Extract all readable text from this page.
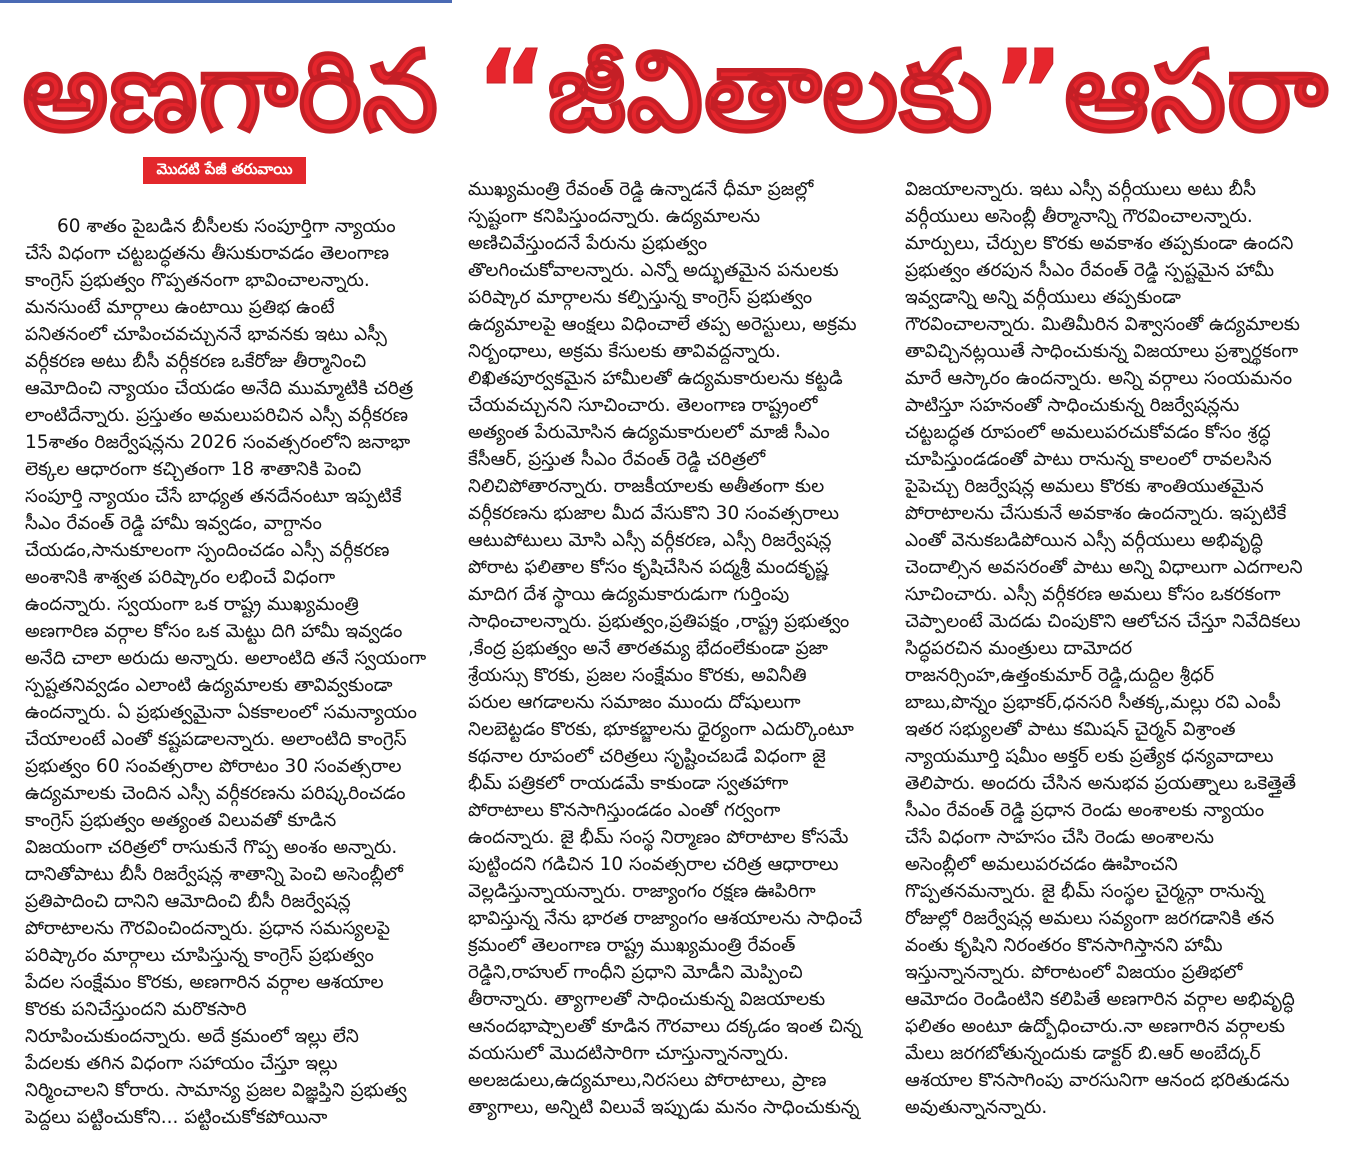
అణగారిన “జీవితాలకు”ఆసరా
మొదటి పేజీ తరువాయి
60 శాతం పైబడిన బీసీలకు సంపూర్తిగా న్యాయం
చేసే విధంగా చట్టబద్ధతను తీసుకురావడం తెలంగాణ
కాంగ్రెస్ ప్రభుత్వం గొప్పతనంగా భావించాలన్నారు.
మనసుంటే మార్గాలు ఉంటాయి ప్రతిభ ఉంటే
పనితనంలో చూపించవచ్చుననే భావనకు ఇటు ఎస్సీ
వర్గీకరణ అటు బీసీ వర్గీకరణ ఒకేరోజు తీర్మానించి
ఆమోదించి న్యాయం చేయడం అనేది ముమ్మాటికి చరిత్ర
లాంటిదేన్నారు. ప్రస్తుతం అమలుపరిచిన ఎస్సీ వర్గీకరణ
15శాతం రిజర్వేషన్లను 2026 సంవత్సరంలోని జనాభా
లెక్కల ఆధారంగా కచ్చితంగా 18 శాతానికి పెంచి
సంపూర్తి న్యాయం చేసే బాధ్యత తనదేనంటూ ఇప్పటికే
సీఎం రేవంత్ రెడ్డి హామీ ఇవ్వడం, వాగ్దానం
చేయడం,సానుకూలంగా స్పందించడం ఎస్సీ వర్గీకరణ
అంశానికి శాశ్వత పరిష్కారం లభించే విధంగా
ఉందన్నారు. స్వయంగా ఒక రాష్ట్ర ముఖ్యమంత్రి
అణగారిణ వర్గాల కోసం ఒక మెట్టు దిగి హామీ ఇవ్వడం
అనేది చాలా అరుదు అన్నారు. అలాంటిది తనే స్వయంగా
స్పష్టతనివ్వడం ఎలాంటి ఉద్యమాలకు తావివ్వకుండా
ఉందన్నారు. ఏ ప్రభుత్వమైనా ఏకకాలంలో సమన్యాయం
చేయాలంటే ఎంతో కష్టపడాలన్నారు. అలాంటిది కాంగ్రెస్
ప్రభుత్వం 60 సంవత్సరాల పోరాటం 30 సంవత్సరాల
ఉద్యమాలకు చెందిన ఎస్సీ వర్గీకరణను పరిష్కరించడం
కాంగ్రెస్ ప్రభుత్వం అత్యంత విలువతో కూడిన
విజయంగా చరిత్రలో రాసుకునే గొప్ప అంశం అన్నారు.
దానితోపాటు బీసీ రిజర్వేషన్ల శాతాన్ని పెంచి అసెంబ్లీలో
ప్రతిపాదించి దానిని ఆమోదించి బీసీ రిజర్వేషన్ల
పోరాటాలను గౌరవించిందన్నారు. ప్రధాన సమస్యలపై
పరిష్కారం మార్గాలు చూపిస్తున్న కాంగ్రెస్ ప్రభుత్వం
పేదల సంక్షేమం కొరకు, అణగారిన వర్గాల ఆశయాల
కొరకు పనిచేస్తుందని మరొకసారి
నిరూపించుకుందన్నారు. అదే క్రమంలో ఇల్లు లేని
పేదలకు తగిన విధంగా సహాయం చేస్తూ ఇల్లు
నిర్మించాలని కోరారు. సామాన్య ప్రజల విజ్ఞప్తిని ప్రభుత్వ
పెద్దలు పట్టించుకోని... పట్టించుకోకపోయినా
ముఖ్యమంత్రి రేవంత్ రెడ్డి ఉన్నాడనే ధీమా ప్రజల్లో
స్పష్టంగా కనిపిస్తుందన్నారు. ఉద్యమాలను
అణిచివేస్తుందనే పేరును ప్రభుత్వం
తొలగించుకోవాలన్నారు. ఎన్నో అద్భుతమైన పనులకు
పరిష్కార మార్గాలను కల్పిస్తున్న కాంగ్రెస్ ప్రభుత్వం
ఉద్యమాలపై ఆంక్షలు విధించాలే తప్ప అరెస్టులు, అక్రమ
నిర్బంధాలు, అక్రమ కేసులకు తావివద్దన్నారు.
లిఖితపూర్వకమైన హామీలతో ఉద్యమకారులను కట్టడి
చేయవచ్చునని సూచించారు. తెలంగాణ రాష్ట్రంలో
అత్యంత పేరుమోసిన ఉద్యమకారులలో మాజీ సీఎం
కేసీఆర్, ప్రస్తుత సీఎం రేవంత్ రెడ్డి చరిత్రలో
నిలిచిపోతారన్నారు. రాజకీయాలకు అతీతంగా కుల
వర్గీకరణను భుజాల మీద వేసుకొని 30 సంవత్సరాలు
ఆటుపోటులు మోసి ఎస్సీ వర్గీకరణ, ఎస్సీ రిజర్వేషన్ల
పోరాట ఫలితాల కోసం కృషిచేసిన పద్మశ్రీ మందకృష్ణ
మాదిగ దేశ స్థాయి ఉద్యమకారుడుగా గుర్తింపు
సాధించాలన్నారు. ప్రభుత్వం,ప్రతిపక్షం ,రాష్ట్ర ప్రభుత్వం
,కేంద్ర ప్రభుత్వం అనే తారతమ్య భేదంలేకుండా ప్రజా
శ్రేయస్సు కొరకు, ప్రజల సంక్షేమం కొరకు, అవినీతి
పరుల ఆగడాలను సమాజం ముందు దోషులుగా
నిలబెట్టడం కొరకు, భూకబ్జాలను ధైర్యంగా ఎదుర్కొంటూ
కథనాల రూపంలో చరిత్రలు సృష్టించబడే విధంగా జై
భీమ్ పత్రికలో రాయడమే కాకుండా స్వతహాగా
పోరాటాలు కొనసాగిస్తుండడం ఎంతో గర్వంగా
ఉందన్నారు. జై భీమ్ సంస్థ నిర్మాణం పోరాటాల కోసమే
పుట్టిందని గడిచిన 10 సంవత్సరాల చరిత్ర ఆధారాలు
వెల్లడిస్తున్నాయన్నారు. రాజ్యాంగం రక్షణ ఊపిరిగా
భావిస్తున్న నేను భారత రాజ్యాంగం ఆశయాలను సాధించే
క్రమంలో తెలంగాణ రాష్ట్ర ముఖ్యమంత్రి రేవంత్
రెడ్డిని,రాహుల్ గాంధీని ప్రధాని మోడీని మెప్పించి
తీరాన్నారు. త్యాగాలతో సాధించుకున్న విజయాలకు
ఆనందభాష్పాలతో కూడిన గౌరవాలు దక్కడం ఇంత చిన్న
వయసులో మొదటిసారిగా చూస్తున్నానన్నారు.
అలజడులు,ఉద్యమాలు,నిరసలు పోరాటాలు, ప్రాణ
త్యాగాలు, అన్నిటి విలువే ఇప్పుడు మనం సాధించుకున్న
విజయాలన్నారు. ఇటు ఎస్సీ వర్గీయులు అటు బీసీ
వర్గీయులు అసెంబ్లీ తీర్మానాన్ని గౌరవించాలన్నారు.
మార్పులు, చేర్పుల కొరకు అవకాశం తప్పకుండా ఉందని
ప్రభుత్వం తరపున సీఎం రేవంత్ రెడ్డి స్పష్టమైన హామీ
ఇవ్వడాన్ని అన్ని వర్గీయులు తప్పకుండా
గౌరవించాలన్నారు. మితిమీరిన విశ్వాసంతో ఉద్యమాలకు
తావిచ్చినట్లయితే సాధించుకున్న విజయాలు ప్రశ్నార్థకంగా
మారే ఆస్కారం ఉందన్నారు. అన్ని వర్గాలు సంయమనం
పాటిస్తూ సహనంతో సాధించుకున్న రిజర్వేషన్లను
చట్టబద్ధత రూపంలో అమలుపరచుకోవడం కోసం శ్రద్ధ
చూపిస్తుండడంతో పాటు రానున్న కాలంలో రావలసిన
పైపెచ్చు రిజర్వేషన్ల అమలు కొరకు శాంతియుతమైన
పోరాటాలను చేసుకునే అవకాశం ఉందన్నారు. ఇప్పటికే
ఎంతో వెనుకబడిపోయిన ఎస్సీ వర్గీయులు అభివృద్ధి
చెందాల్సిన అవసరంతో పాటు అన్ని విధాలుగా ఎదగాలని
సూచించారు. ఎస్సీ వర్గీకరణ అమలు కోసం ఒకరకంగా
చెప్పాలంటే మెదడు చింపుకొని ఆలోచన చేస్తూ నివేదికలు
సిద్ధపరచిన మంత్రులు దామోదర
రాజనర్సింహ,ఉత్తంకుమార్ రెడ్డి,దుద్దిల శ్రీధర్
బాబు,పొన్నం ప్రభాకర్,ధనసరి సీతక్క,మల్లు రవి ఎంపీ
ఇతర సభ్యులతో పాటు కమిషన్ చైర్మన్ విశ్రాంత
న్యాయమూర్తి షమీం అక్తర్ లకు ప్రత్యేక ధన్యవాదాలు
తెలిపారు. అందరు చేసిన అనుభవ ప్రయత్నాలు ఒకెత్తైతే
సీఎం రేవంత్ రెడ్డి ప్రధాన రెండు అంశాలకు న్యాయం
చేసే విధంగా సాహసం చేసి రెండు అంశాలను
అసెంబ్లీలో అమలుపరచడం ఊహించని
గొప్పతనమన్నారు. జై భీమ్ సంస్థల చైర్మన్గా రానున్న
రోజుల్లో రిజర్వేషన్ల అమలు సవ్యంగా జరగడానికి తన
వంతు కృషిని నిరంతరం కొనసాగిస్తానని హామీ
ఇస్తున్నానన్నారు. పోరాటంలో విజయం ప్రతిభలో
ఆమోదం రెండింటిని కలిపితే అణగారిన వర్గాల అభివృద్ధి
ఫలితం అంటూ ఉద్బోధించారు.నా అణగారిన వర్గాలకు
మేలు జరగబోతున్నందుకు డాక్టర్ బి.ఆర్ అంబేద్కర్
ఆశయాల కొనసాగింపు వారసునిగా ఆనంద భరితుడను
అవుతున్నానన్నారు.
